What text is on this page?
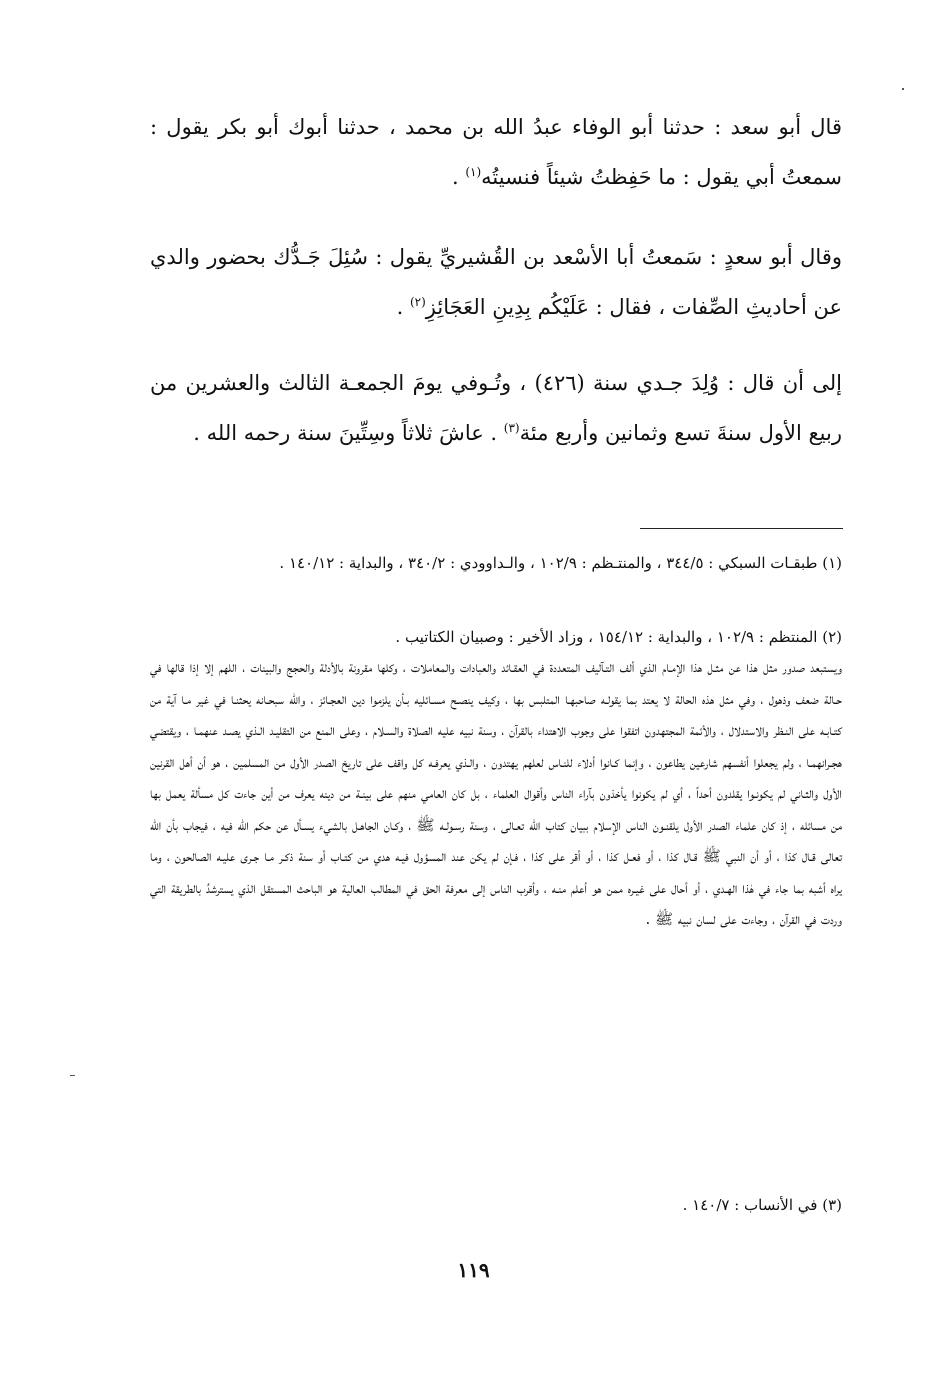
قال أبو سعد : حدثنا أبو الوفاء عبدُ الله بن محمد ، حدثنا أبوك أبو بكر يقول : سمعتُ أبي يقول : ما حَفِظتُ شيئاً فنسيتُه$^{(١)}$ .

وقال أبو سعدٍ : سَمعتُ أبا الأسْعد بن القُشيريِّ يقول : سُئِلَ جَـدُّك بحضور والدي عن أحاديثِ الصِّفات ، فقال : عَلَيْكُم بِدِينِ العَجَائِزِ$^{(٢)}$ .

إلى أن قال : وُلِدَ جـدي سنة (٤٢٦) ، وتُـوفي يومَ الجمعـة الثالث والعشرين من ربيع الأول سنةَ تسع وثمانين وأربع مئة$^{(٣)}$ . عاشَ ثلاثاً وسِتِّينَ سنة رحمه الله .

(١) طبقـات السبكي : ٣٤٤/٥ ، والمنتـظم : ١٠٢/٩ ، والـداوودي : ٣٤٠/٢ ، والبداية : ١٤٠/١٢ .

(٢) المنتظم : ١٠٢/٩ ، والبداية : ١٥٤/١٢ ، وزاد الأخير : وصبيان الكتاتيب .

ويستبعد صدور مثل هذا عن مثـل هذا الإمـام الذي ألف التـآليف المتعددة في العقـائد والعبادات والمعاملات ، وكلها مقرونة بالأدلة والحجج والبينات ، اللهم إلا إذا قالها في حـالة ضعف وذهول ، وفي مثل هذه الحالة لا يعتد بما يقولـه صاحبهـا المتلبس بها ، وكيف ينصـح مسـائليه بـأن يلزموا دين العجـائز ، والله سبحـانه يحثنـا في غير مـا آية من كتـابـه على النـظر والاستدلال ، والأئمة المجتهدون اتفقوا على وجوب الاهتداء بالقرآن ، وسنة نبيه عليه الصلاة والسـلام ، وعلى المنع من التقليـد الـذي يصـد عنهمـا ، ويقتضي هجـرانهمـا ، ولم يجعلوا أنفسهم شارعين يطاعون ، وإنما كـانوا أدلاء للنـاس لعلهم يهتدون ، والـذي يعرفـه كل واقف على تاريخ الصدر الأول من المسلمين ، هو أن أهل القرنين الأول والثـاني لم يكونـوا يقلدون أحداً ، أي لم يكونوا يأخذون بآراء الناس وأقوال العلماء ، بل كان العامي منهم على بينـة من دينه يعرف من أين جاءت كل مسألة يعمل بها من مسائله ، إذ كان علماء الصدر الأول يلقنـون الناس الإسلام ببيان كتاب الله تعـالى ، وسنة رسـولـه ﷺ ، وكـان الجاهـل بالشيء يسـأل عن حكم الله فيه ، فيجاب بأن الله تعالى قـال كذا ، أو أن النبي ﷺ قـال كذا ، أو فعـل كذا ، أو أقر على كذا ، فـإن لم يكن عند المسؤول فيـه هدي من كتـاب أو سنة ذكـر مـا جـرى عليـه الصالحون ، وما يراه أشبه بما جاء في هٰذا الهـدي ، أو أحال على غيـره ممن هو أعلم منـه ، وأقرب الناس إلى معرفة الحق في المطالب العالية هو الباحث المستقل الذي يسترشدُ بالطريقة التي وردت في القرآن ، وجاءت على لسان نبيه ﷺ .

(٣) في الأنساب : ١٤٠/٧ .

١١٩
